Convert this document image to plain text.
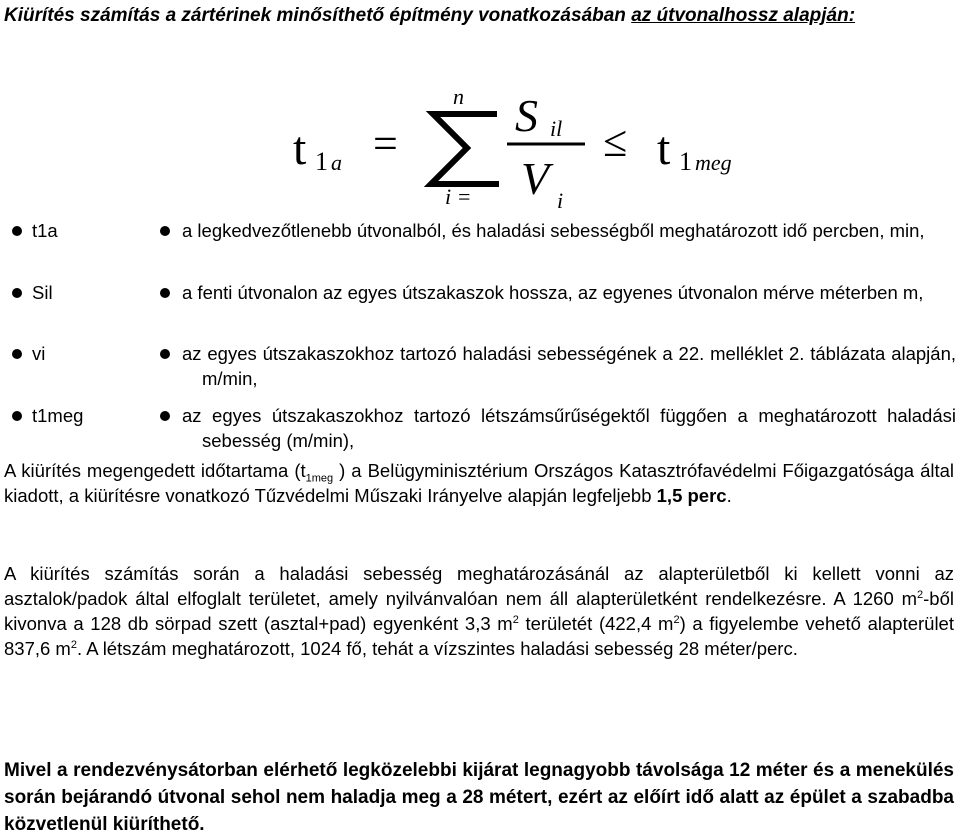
Kiürítés számítás a zártérinek minősíthető építmény vonatkozásában az útvonalhossz alapján:
t 1 a =
n
i =
S il
V i
≤ t 1 meg
t1a	a legkedvezőtlenebb útvonalból, és haladási sebességből meghatározott idő percben, min,
Sil	a fenti útvonalon az egyes útszakaszok hossza, az egyenes útvonalon mérve méterben m,
vi	az egyes útszakaszokhoz tartozó haladási sebességének a 22. melléklet 2. táblázata alapján, m/min,
t1meg	az egyes útszakaszokhoz tartozó létszámsűrűségektől függően a meghatározott haladási sebesség (m/min),
A kiürítés megengedett időtartama ($t_{1meg}$ ) a Belügyminisztérium Országos Katasztrófavédelmi Főigazgatósága által kiadott, a kiürítésre vonatkozó Tűzvédelmi Műszaki Irányelve alapján legfeljebb 1,5 perc.
A kiürítés számítás során a haladási sebesség meghatározásánál az alapterületből ki kellett vonni az asztalok/padok által elfoglalt területet, amely nyilvánvalóan nem áll alapterületként rendelkezésre. A 1260 $m^2$-ből kivonva a 128 db sörpad szett (asztal+pad) egyenként 3,3 $m^2$ területét (422,4 $m^2$) a figyelembe vehető alapterület 837,6 $m^2$. A létszám meghatározott, 1024 fő, tehát a vízszintes haladási sebesség 28 méter/perc.
Mivel a rendezvénysátorban elérhető legközelebbi kijárat legnagyobb távolsága 12 méter és a menekülés során bejárandó útvonal sehol nem haladja meg a 28 métert, ezért az előírt idő alatt az épület a szabadba közvetlenül kiüríthető.
